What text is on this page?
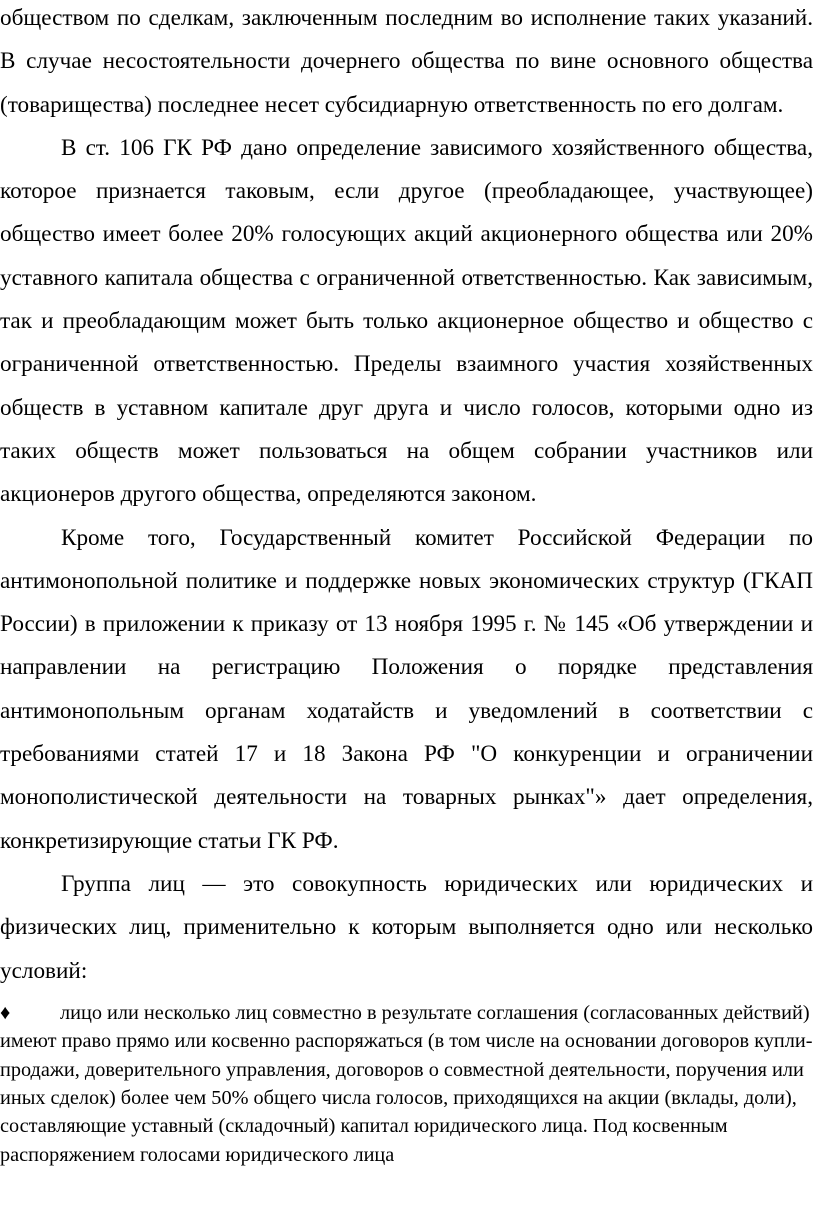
обществом по сделкам, заключенным последним во исполнение таких указаний. В случае несостоятельности дочернего общества по вине основного общества (товарищества) последнее несет субсидиарную ответственность по его долгам.

В ст. 106 ГК РФ дано определение зависимого хозяйственного общества, которое признается таковым, если другое (преобладающее, участвующее) общество имеет более 20% голосующих акций акционерного общества или 20% уставного капитала общества с ограниченной ответственностью. Как зависимым, так и преобладающим может быть только акционерное общество и общество с ограниченной ответственностью. Пределы взаимного участия хозяйственных обществ в уставном капитале друг друга и число голосов, которыми одно из таких обществ может пользоваться на общем собрании участников или акционеров другого общества, определяются законом.

Кроме того, Государственный комитет Российской Федерации по антимонопольной политике и поддержке новых экономических структур (ГКАП России) в приложении к приказу от 13 ноября 1995 г. № 145 «Об утверждении и направлении на регистрацию Положения о порядке представления антимонопольным органам ходатайств и уведомлений в соответствии с требованиями статей 17 и 18 Закона РФ "О конкуренции и ограничении монополистической деятельности на товарных рынках"» дает определения, конкретизирующие статьи ГК РФ.

Группа лиц — это совокупность юридических или юридических и физических лиц, применительно к которым выполняется одно или несколько условий:

♦ лицо или несколько лиц совместно в результате соглашения (согласованных действий) имеют право прямо или косвенно распоряжаться (в том числе на основании договоров купли-продажи, доверительного управления, договоров о совместной деятельности, поручения или иных сделок) более чем 50% общего числа голосов, приходящихся на акции (вклады, доли), составляющие уставный (складочный) капитал юридического лица. Под косвенным распоряжением голосами юридического лица
